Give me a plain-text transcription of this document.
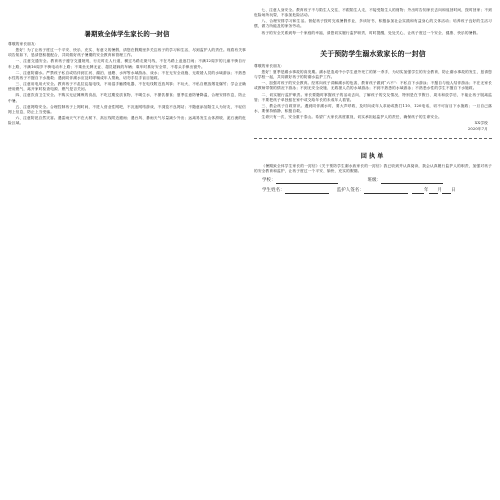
暑期致全体学生家长的一封信
尊敬的家长朋友：
您好！为了让孩子度过一个平安、快乐、充实、有意义的暑假，请您在假期里多关注孩子的学习和生活，尽到监护人的责任。现将有关事项告知如下，恳请您积极配合，共同做好孩子暑期的安全教育和管理工作。
一、注意交通安全。教育孩子遵守交通规则，行走时走人行道，横过马路走斑马线，不在马路上追逐打闹；不满12周岁的儿童不骑自行车上路，不满16周岁不骑电动车上路；不乘坐无牌无证、超员超载的车辆；乘车时系好安全带，不将头手伸出窗外。
二、注意防溺水。严禁孩子私自或结伴到江河、湖泊、池塘、水库等水域游泳、戏水；不在无安全设施、无救援人员的水域游泳；不熟悉水性的孩子不擅自下水施救；遇到同伴溺水应及时呼喊成年人帮助，切勿手拉手盲目施救。
三、注意用电用火安全。教育孩子不乱拉乱接电线，不用湿手触摸电器，不在电线附近放风筝；不玩火，不私自燃放烟花爆竹；学会正确使用燃气，离开家时检查电源、燃气是否关闭。
四、注意饮食卫生安全。不购买无证摊贩的食品，不吃过期变质食物，不喝生水，不暴饮暴食；夏季注意防暑降温，合理安排作息，防止中暑。
五、注意网络安全。合理控制孩子上网时间，不进入营业性网吧，不沉迷网络游戏，不浏览不良网站；不随意添加陌生人为好友，不轻信网上信息，防止上当受骗。
六、注意防范自然灾害。遇雷雨天气不在大树下、高压线附近避雨；遇台风、暴雨天气尽量减少外出；远离易发生山体滑坡、泥石流的危险区域。
七、注意人身安全。教育孩子不与陌生人交往，不跟陌生人走，不接受陌生人的财物；外出时告知家长去向和返回时间，按时回家；不到危险场所玩耍，不参加危险活动。
八、合理安排学习和生活。督促孩子按时完成暑假作业，多读好书，积极参加社会实践和有益身心的文体活动；培养孩子良好的生活习惯，做力所能及的家务劳动。
孩子的安全关系到每一个家庭的幸福，请您切实履行监护职责，时时提醒，处处关心，让孩子度过一个安全、健康、快乐的暑假。
关于预防学生溺水致家长的一封信
尊敬的家长朋友：
您好！夏季是溺水事故的高发期。溺水是造成中小学生意外死亡的第一杀手，为切实加强学生的安全教育，防止溺水事故的发生，恳请您与学校一起，共同做好孩子的防溺水监护工作。
一、加强对孩子的安全教育。经常向孩子讲解溺水的危害，教育孩子做到“六不”：不私自下水游泳；不擅自与他人结伴游泳；不在无家长或教师带领的情况下游泳；不到无安全设施、无救援人员的水域游泳；不到不熟悉的水域游泳；不熟悉水性的学生不擅自下水施救。
二、切实履行监护职责。家长要随时掌握孩子的活动去向，了解孩子的交友情况，特别是在节假日、周末和放学后，不能让孩子脱离监管；不要把孩子单独留在家中或交给年长的未成年人看管。
三、教会孩子自救常识。遇到同伴溺水时，要大声呼救，及时向成年人求助或拨打110、120电话，切不可盲目下水施救；一旦自己落水，要保持镇静，积极自救。
生命只有一次，安全重于泰山。希望广大家长高度重视，切实承担起监护人的责任，确保孩子的生命安全。
XX学校
2020年7月
回执单
《暑期致全体学生家长的一封信》《关于预防学生溺水致家长的一封信》我已收到并认真阅读，我会认真履行监护人的职责，加强对孩子的安全教育和监护，让孩子度过一个平安、愉快、充实的假期。
学校：	班级：
学生姓名：	监护人签名：	年 月 日
